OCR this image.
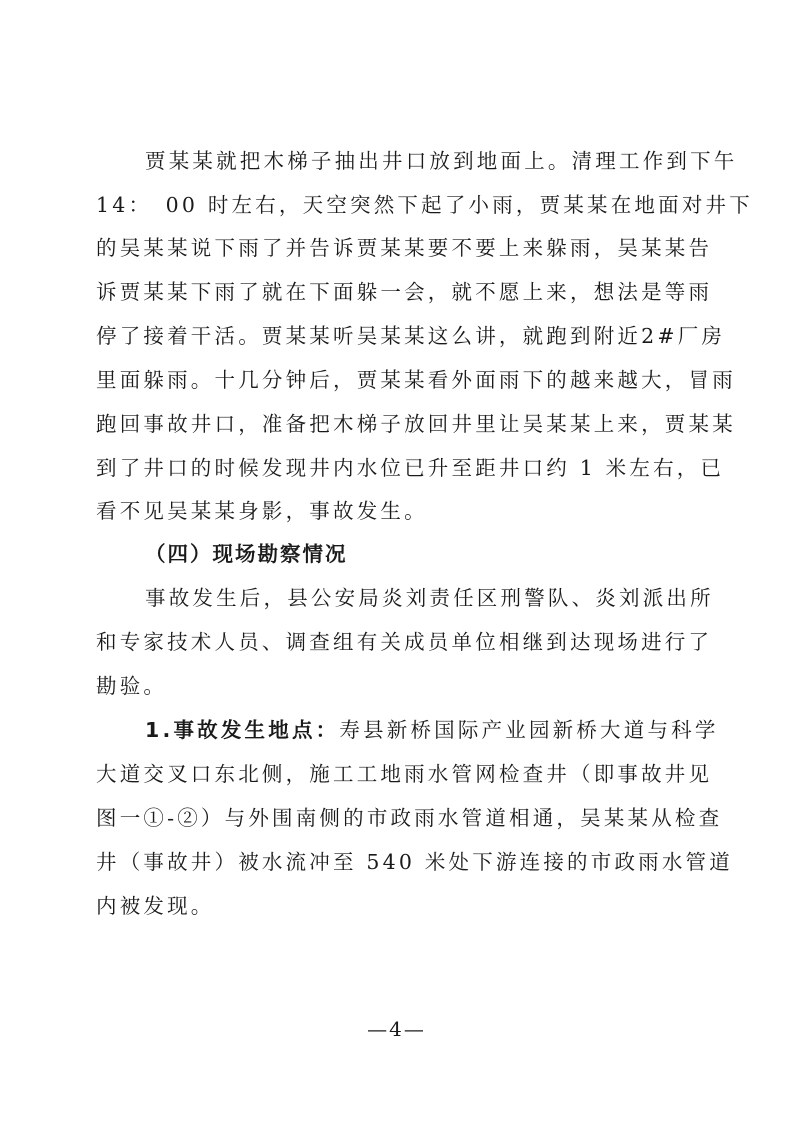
贾某某就把木梯子抽出井口放到地面上。清理工作到下午
14：　00 时左右，天空突然下起了小雨，贾某某在地面对井下
的吴某某说下雨了并告诉贾某某要不要上来躲雨，吴某某告
诉贾某某下雨了就在下面躲一会，就不愿上来，想法是等雨
停了接着干活。贾某某听吴某某这么讲，就跑到附近2#厂房
里面躲雨。十几分钟后，贾某某看外面雨下的越来越大，冒雨
跑回事故井口，准备把木梯子放回井里让吴某某上来，贾某某
到了井口的时候发现井内水位已升至距井口约 1 米左右，已
看不见吴某某身影，事故发生。
（四）现场勘察情况
事故发生后，县公安局炎刘责任区刑警队、炎刘派出所
和专家技术人员、调查组有关成员单位相继到达现场进行了
勘验。
1.事故发生地点：寿县新桥国际产业园新桥大道与科学
大道交叉口东北侧，施工工地雨水管网检查井（即事故井见
图一①-②）与外围南侧的市政雨水管道相通，吴某某从检查
井（事故井）被水流冲至 540 米处下游连接的市政雨水管道
内被发现。
—4—
